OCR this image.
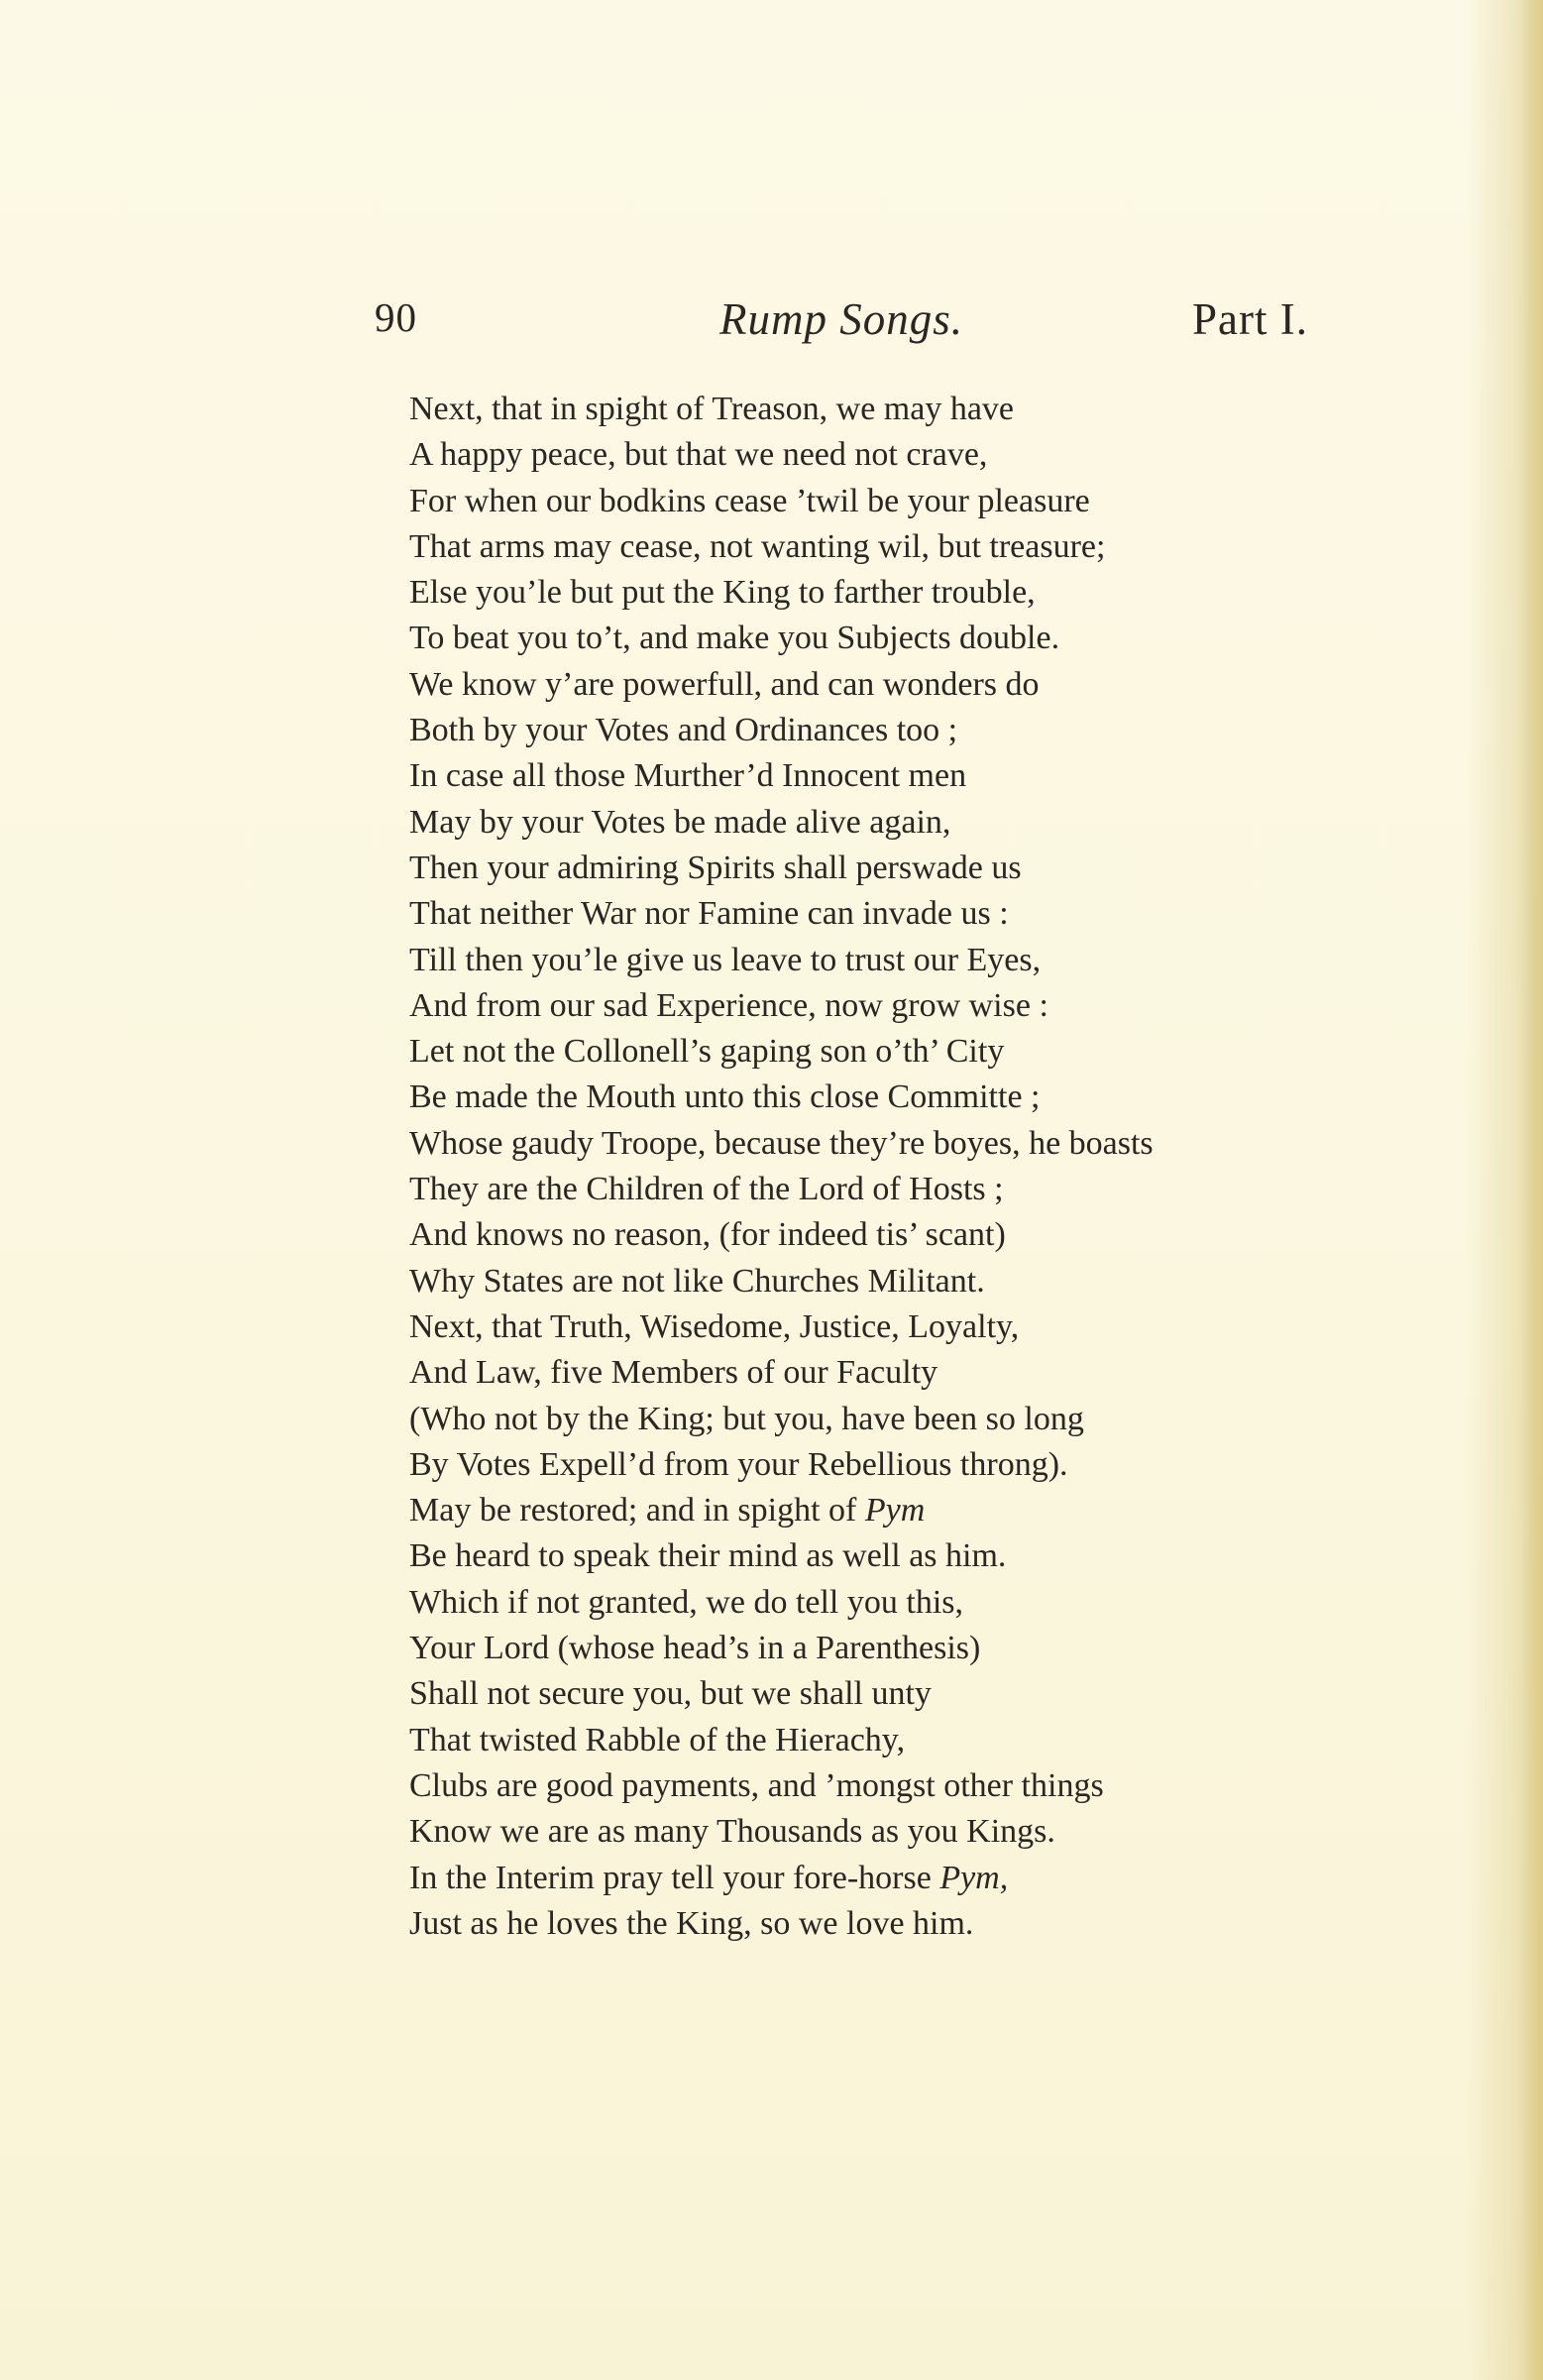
90	Rump Songs.	Part I.
Next, that in spight of Treason, we may have
A happy peace, but that we need not crave,
For when our bodkins cease ’twil be your pleasure
That arms may cease, not wanting wil, but treasure;
Else you’le but put the King to farther trouble,
To beat you to’t, and make you Subjects double.
We know y’are powerfull, and can wonders do
Both by your Votes and Ordinances too ;
In case all those Murther’d Innocent men
May by your Votes be made alive again,
Then your admiring Spirits shall perswade us
That neither War nor Famine can invade us :
Till then you’le give us leave to trust our Eyes,
And from our sad Experience, now grow wise :
Let not the Collonell’s gaping son o’th’ City
Be made the Mouth unto this close Committe ;
Whose gaudy Troope, because they’re boyes, he boasts
They are the Children of the Lord of Hosts ;
And knows no reason, (for indeed tis’ scant)
Why States are not like Churches Militant.
Next, that Truth, Wisedome, Justice, Loyalty,
And Law, five Members of our Faculty
(Who not by the King; but you, have been so long
By Votes Expell’d from your Rebellious throng).
May be restored; and in spight of Pym
Be heard to speak their mind as well as him.
Which if not granted, we do tell you this,
Your Lord (whose head’s in a Parenthesis)
Shall not secure you, but we shall unty
That twisted Rabble of the Hierachy,
Clubs are good payments, and ’mongst other things
Know we are as many Thousands as you Kings.
In the Interim pray tell your fore-horse Pym,
Just as he loves the King, so we love him.
